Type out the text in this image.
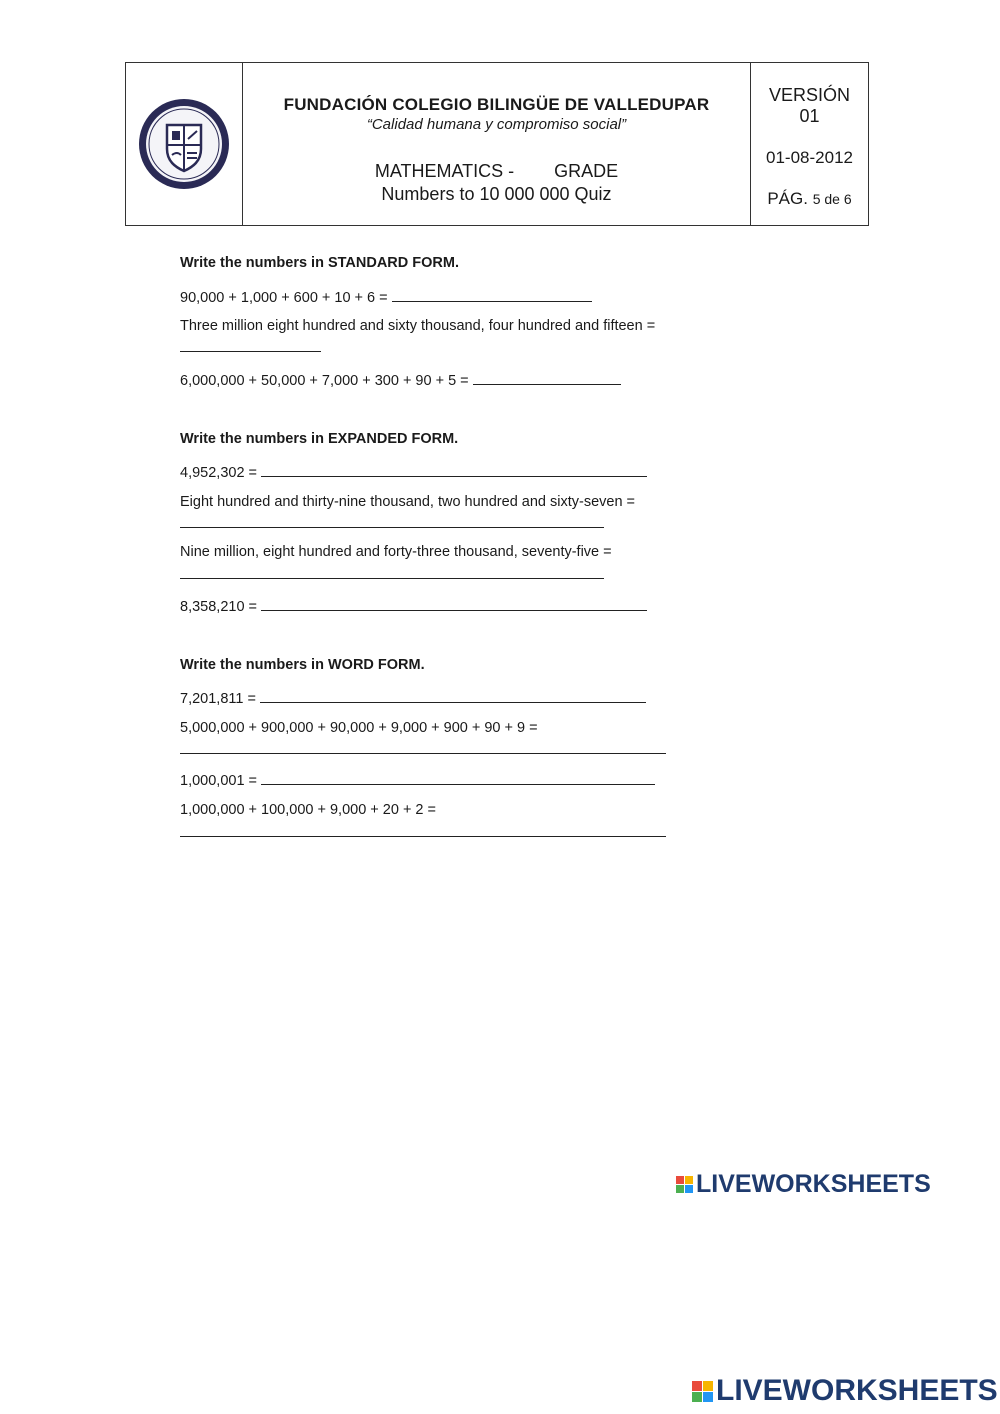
FUNDACIÓN COLEGIO BILINGÜE DE VALLEDUPAR
“Calidad humana y compromiso social”
MATHEMATICS - GRADE
Numbers to 10 000 000 Quiz
VERSIÓN
01
01-08-2012
PÁG. 5 de 6
Write the numbers in STANDARD FORM.
90,000 + 1,000 + 600 + 10 + 6 =
Three million eight hundred and sixty thousand, four hundred and fifteen =
6,000,000 + 50,000 + 7,000 + 300 + 90 + 5 =
Write the numbers in EXPANDED FORM.
4,952,302 =
Eight hundred and thirty-nine thousand, two hundred and sixty-seven =
Nine million, eight hundred and forty-three thousand, seventy-five =
8,358,210 =
Write the numbers in WORD FORM.
7,201,811 =
5,000,000 + 900,000 + 90,000 + 9,000 + 900 + 90 + 9 =
1,000,001 =
1,000,000 + 100,000 + 9,000 + 20 + 2 =
LIVEWORKSHEETS
LIVEWORKSHEETS
